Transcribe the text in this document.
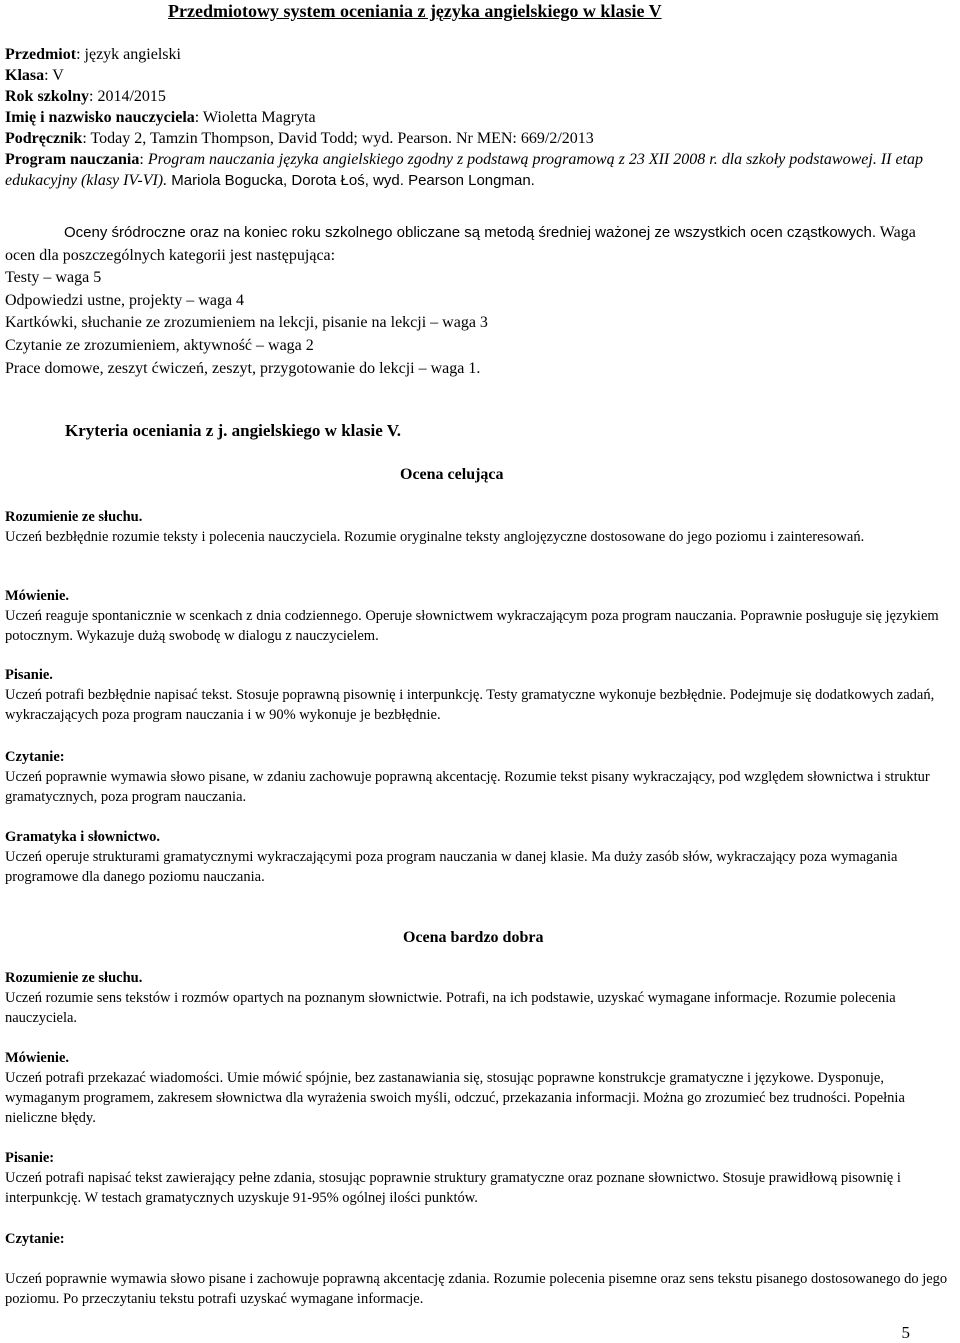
Przedmiotowy system oceniania z języka angielskiego w klasie V

Przedmiot: język angielski

Klasa: V

Rok szkolny: 2014/2015

Imię i nazwisko nauczyciela: Wioletta Magryta

Podręcznik: Today 2, Tamzin Thompson, David Todd; wyd. Pearson. Nr MEN: 669/2/2013

Program nauczania: Program nauczania języka angielskiego zgodny z podstawą programową z 23 XII 2008 r. dla szkoły podstawowej. II etap edukacyjny (klasy IV-VI). Mariola Bogucka, Dorota Łoś, wyd. Pearson Longman.

Oceny śródroczne oraz na koniec roku szkolnego obliczane są metodą średniej ważonej ze wszystkich ocen cząstkowych. Waga ocen dla poszczególnych kategorii jest następująca:

Testy – waga 5

Odpowiedzi ustne, projekty – waga 4

Kartkówki, słuchanie ze zrozumieniem na lekcji, pisanie na lekcji – waga 3

Czytanie ze zrozumieniem, aktywność – waga 2

Prace domowe, zeszyt ćwiczeń, zeszyt, przygotowanie do lekcji – waga 1.

Kryteria oceniania z j. angielskiego w klasie V.
Ocena celująca

Rozumienie ze słuchu.

Uczeń bezbłędnie rozumie teksty i polecenia nauczyciela. Rozumie oryginalne teksty anglojęzyczne dostosowane do jego poziomu i zainteresowań.

Mówienie.

Uczeń reaguje spontanicznie w scenkach z dnia codziennego. Operuje słownictwem wykraczającym poza program nauczania. Poprawnie posługuje się językiem potocznym. Wykazuje dużą swobodę w dialogu z nauczycielem.

Pisanie.

Uczeń potrafi bezbłędnie napisać tekst. Stosuje poprawną pisownię i interpunkcję. Testy gramatyczne wykonuje bezbłędnie. Podejmuje się dodatkowych zadań, wykraczających poza program nauczania i w 90% wykonuje je bezbłędnie.

Czytanie:

Uczeń poprawnie wymawia słowo pisane, w zdaniu zachowuje poprawną akcentację. Rozumie tekst pisany wykraczający, pod względem słownictwa i struktur gramatycznych, poza program nauczania.

Gramatyka i słownictwo.

Uczeń operuje strukturami gramatycznymi wykraczającymi poza program nauczania w danej klasie. Ma duży zasób słów, wykraczający poza wymagania programowe dla danego poziomu nauczania.

Ocena bardzo dobra

Rozumienie ze słuchu.

Uczeń rozumie sens tekstów i rozmów opartych na poznanym słownictwie. Potrafi, na ich podstawie, uzyskać wymagane informacje. Rozumie polecenia nauczyciela.

Mówienie.

Uczeń potrafi przekazać wiadomości. Umie mówić spójnie, bez zastanawiania się, stosując poprawne konstrukcje gramatyczne i językowe. Dysponuje, wymaganym programem, zakresem słownictwa dla wyrażenia swoich myśli, odczuć, przekazania informacji. Można go zrozumieć bez trudności. Popełnia nieliczne błędy.

Pisanie:

Uczeń potrafi napisać tekst zawierający pełne zdania, stosując poprawnie struktury gramatyczne oraz poznane słownictwo. Stosuje prawidłową pisownię i interpunkcję. W testach gramatycznych uzyskuje 91-95% ogólnej ilości punktów.

Czytanie:

Uczeń poprawnie wymawia słowo pisane i zachowuje poprawną akcentację zdania. Rozumie polecenia pisemne oraz sens tekstu pisanego dostosowanego do jego poziomu. Po przeczytaniu tekstu potrafi uzyskać wymagane informacje.

5
